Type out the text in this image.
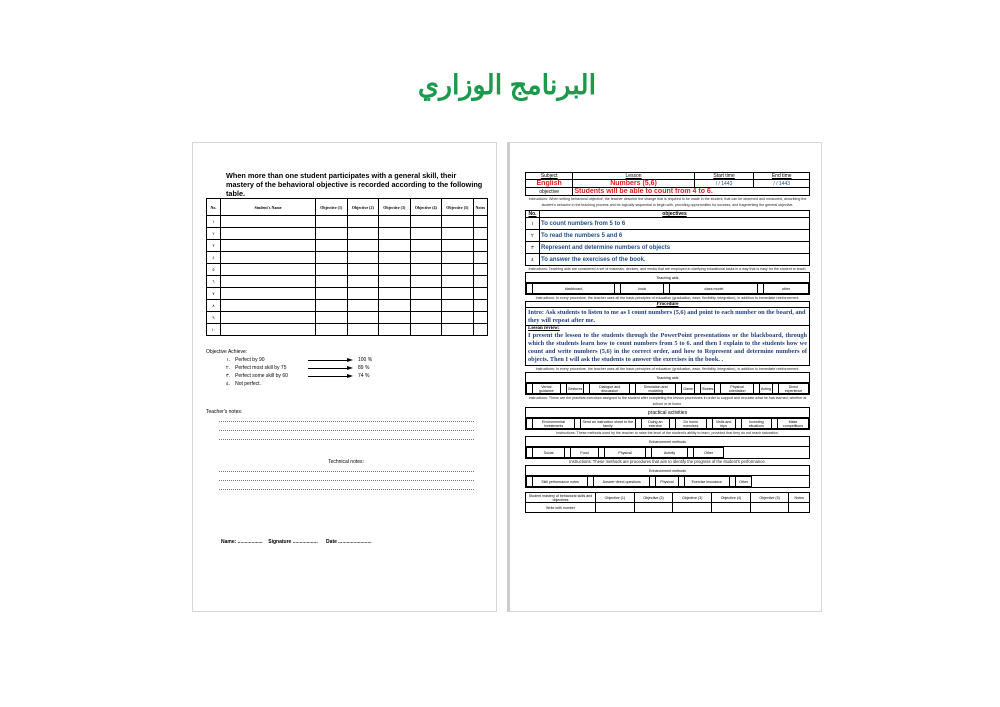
البرنامج الوزاري
When more than one student participates with a general skill, their mastery of the behavioral objective is recorded according to the following table.
No.	Student's Name	Objective (1)	Objective (2)	Objective (3)	Objective (4)	Objective (5)	Notes
١							
٢							
٣							
٤							
٥							
٦							
٧							
٨							
٩							
١٠							
Objective Achieve:
١. Perfect by 90	100 %
٢. Perfect most skill by 75	89 %
٣. Perfect some skill by 60	74 %
٤. Not perfect.
Teacher's notes:
Technical notes:
Name: .................. Signature .................. Date ........................
Subject	Lesson	Start time	End time
English	Numbers (5,6)	/ / 1443	/ / 1443
objective	Students will be able to count from 4 to 6.		
Instructions: When setting behavioral objective, the teacher describe the change that is required to be made in the student, that can be observed and measured, describing the student's behavior in the teaching process and be logically sequential to begin with, providing opportunities for success, and fragmenting the general objective.
No.	objectives
١	To count numbers from 5 to 6
٢	To read the numbers 5 and 6
٣	Represent and determine numbers of objects
٤	To answer the exercises of the book.
Instructions: Teaching aids are considered a set of materials, devices, and media that are employed in clarifying educational tasks in a way that is easy for the student to teach.
Teaching aids

	blackboard		book		class model		other
Instructions: In every procedure, the teacher uses all the basic principles of education (graduation, ease, flexibility, integration), in addition to immediate reinforcement.
Procedure
Intro: Ask students to listen to me as I count numbers (5,6) and point to each number on the board, and they will repeat after me.
Lesson review:
I present the lesson to the students through the PowerPoint presentations or the blackboard, through which the students learn how to count numbers from 5 to 6. and then I explain to the students how we count and write numbers (5,6) in the correct order, and how to Represent and determine numbers of objects. Then I will ask the students to answer the exercises in the book. .
Instructions: In every procedure, the teacher uses all the basic principles of education (graduation, ease, flexibility, integration), in addition to immediate reinforcement.
Teaching aids

	Verbal guidance		Gestures		Dialogue and discussion		Simulation and modeling		Game		Stories		Physical orientation		Acting		Direct experience
Instructions: These are the practical exercises assigned to the student after completing the lesson procedures in order to support and circulate what he has learned, whether at school or at home.
practical activities

	Environmental Investments		Send an instruction sheet to the family		Doing an exercise		Do home exercises		Visits and trips		Investing situations		Make competitions
Instructions: These methods used by the teacher to raise the level of the student's ability to learn, provided that they do not reach saturation.
Enhancement methods

	Social		Food		Physical		Activity		Other
Instructions: These methods are procedures that aim to identify the progress of the student's performance.
Enhancement methods

	Skill performance notes		Answer direct questions		Physical		Exercise insurance		Other
Student mastery of behavioral skills and objectives	Objective (1)	Objective (2)	Objective (3)	Objective (4)	Objective (5)	Notes
Write with number						
